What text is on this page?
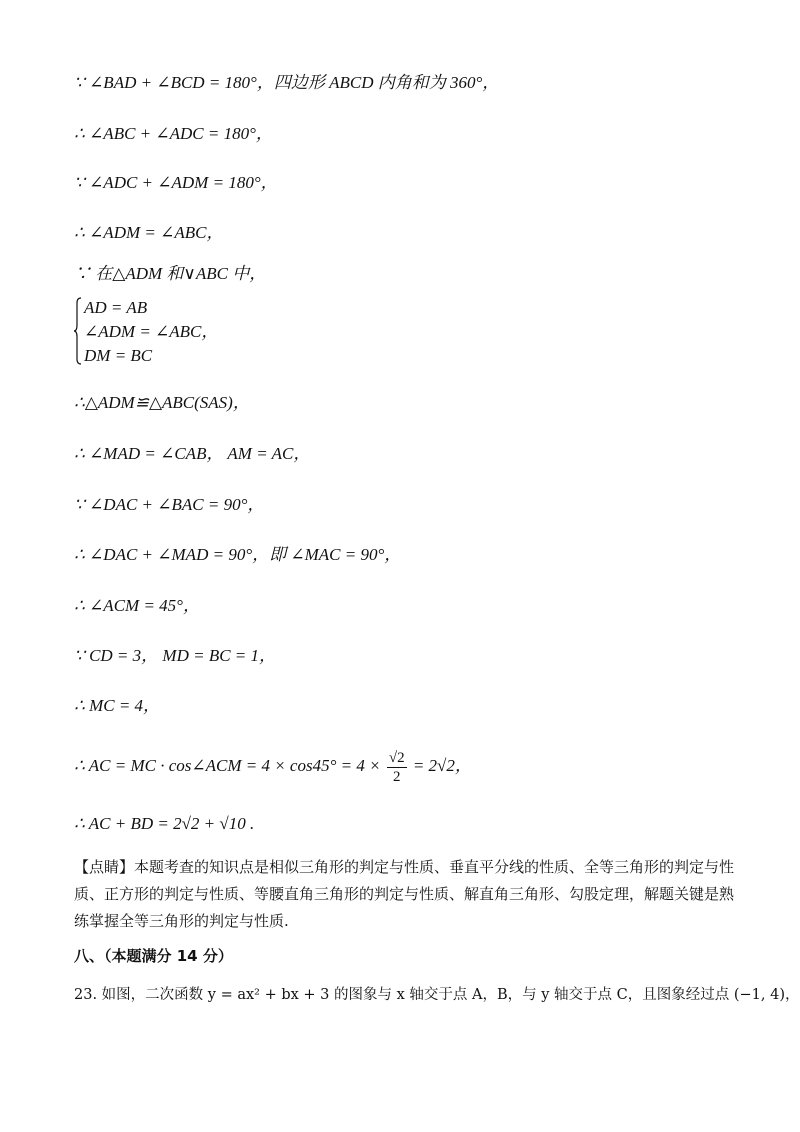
∵ ∠BAD + ∠BCD = 180°，四边形 ABCD 内角和为 360°，
∴ ∠ABC + ∠ADC = 180°，
∵ ∠ADC + ∠ADM = 180°，
∴ ∠ADM = ∠ABC，
∵ 在△ADM 和∨ABC 中，
AD = AB
∠ADM = ∠ABC，
DM = BC
∴△ADM≌△ABC(SAS)，
∴ ∠MAD = ∠CAB， AM = AC，
∵ ∠DAC + ∠BAC = 90°，
∴ ∠DAC + ∠MAD = 90°，即 ∠MAC = 90°，
∴ ∠ACM = 45°，
∵ CD = 3， MD = BC = 1，
∴ MC = 4，
∴ AC = MC · cos∠ACM = $4 \times \cos 45^\circ = 4 \times \frac{√2}{2} = 2√2$，
∴ AC + BD = 2√2 + √10 .
【点睛】本题考查的知识点是相似三角形的判定与性质、垂直平分线的性质、全等三角形的判定与性质、正方形的判定与性质、等腰直角三角形的判定与性质、解直角三角形、勾股定理，解题关键是熟练掌握全等三角形的判定与性质.
八、（本题满分 14 分）
23. 如图，二次函数 y = ax² + bx + 3 的图象与 x 轴交于点 A，B，与 y 轴交于点 C，且图象经过点 (−1, 4)，
